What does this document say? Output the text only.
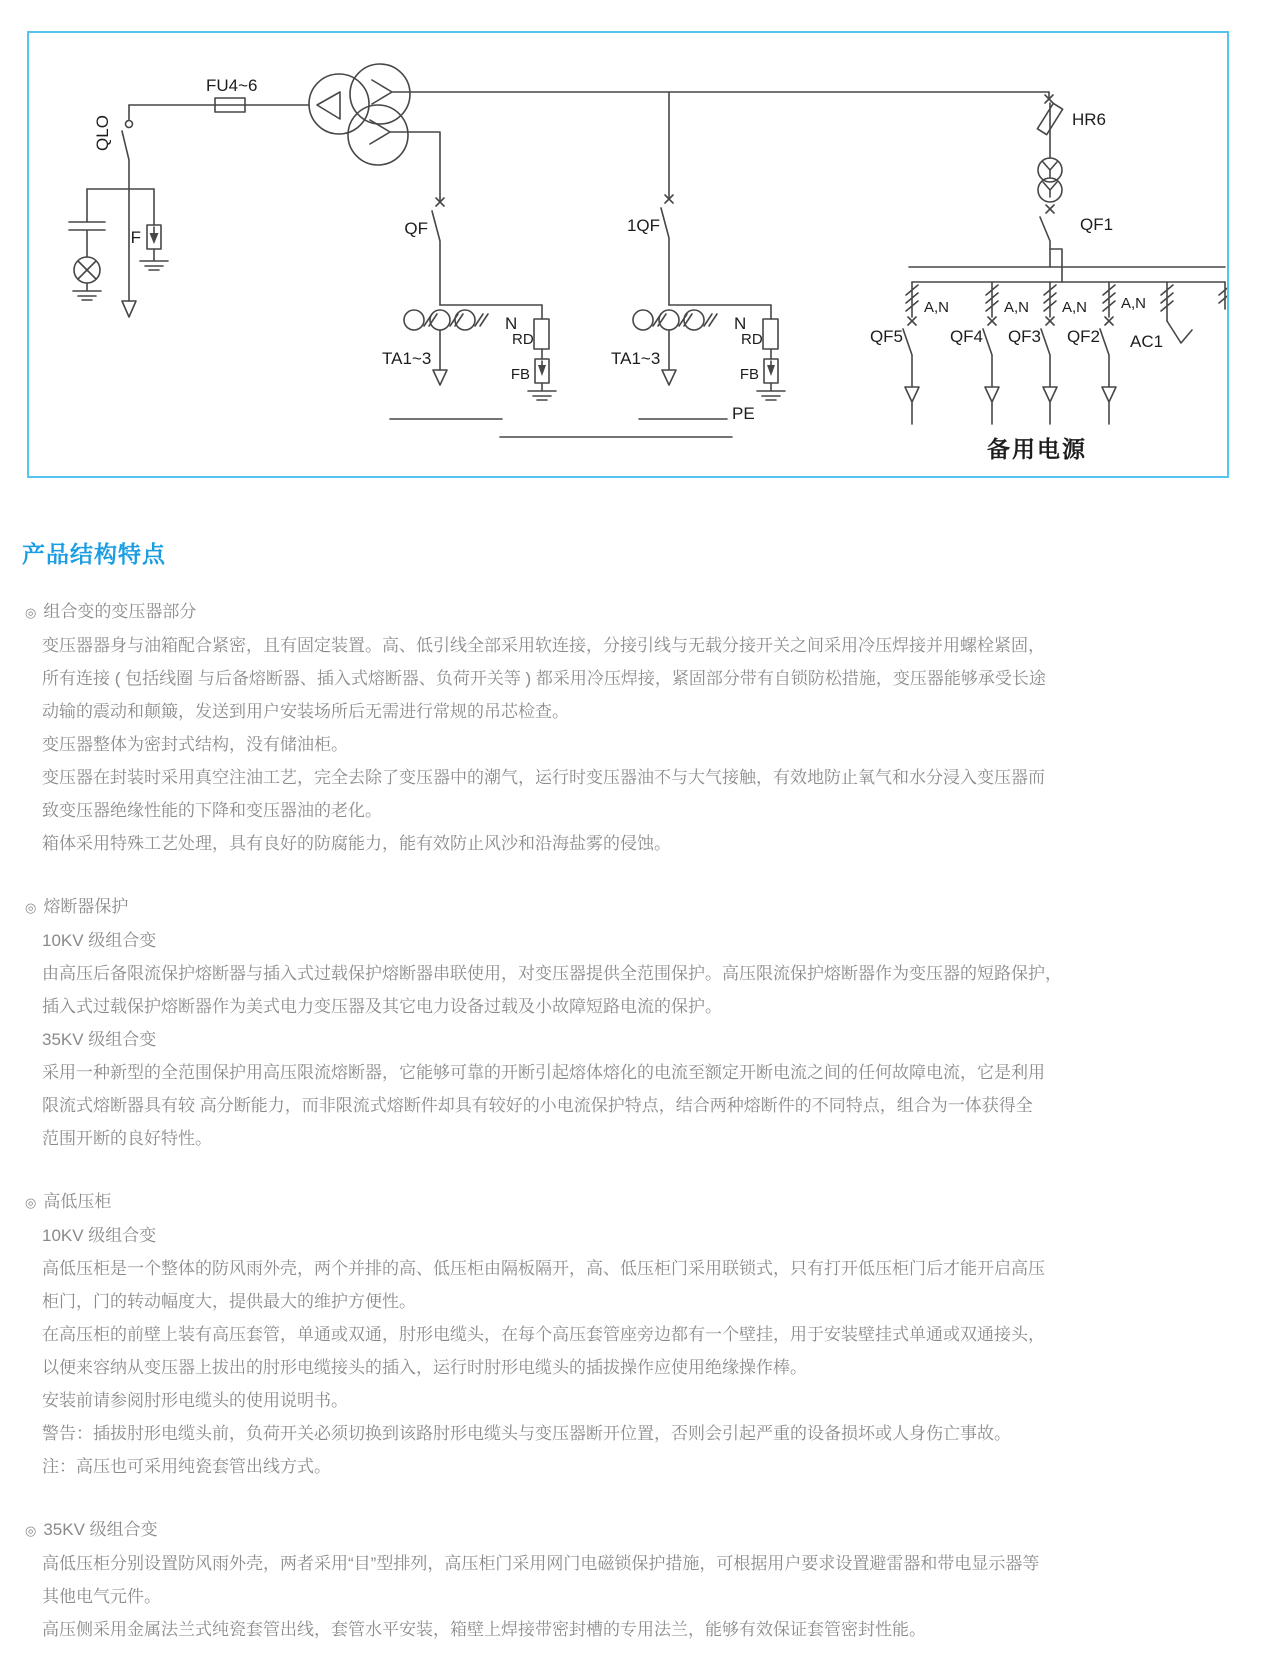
FU4~6
QLO
F	QF
TA1~3
N
RD
FB
1QF
TA1~3
N
RD
FB
PE
HR6
QF1
A,N	A,N A,N A,N
QF5	QF4 QF3 QF2 AC1
备用电源
产品结构特点
◎ 组合变的变压器部分
变压器器身与油箱配合紧密，且有固定装置。高、低引线全部采用软连接，分接引线与无载分接开关之间采用冷压焊接并用螺栓紧固，
所有连接 ( 包括线圈 与后备熔断器、插入式熔断器、负荷开关等 ) 都采用冷压焊接，紧固部分带有自锁防松措施，变压器能够承受长途
动输的震动和颠簸，发送到用户安装场所后无需进行常规的吊芯检查。
变压器整体为密封式结构，没有储油柜。
变压器在封装时采用真空注油工艺，完全去除了变压器中的潮气，运行时变压器油不与大气接触，有效地防止氧气和水分浸入变压器而
致变压器绝缘性能的下降和变压器油的老化。
箱体采用特殊工艺处理，具有良好的防腐能力，能有效防止风沙和沿海盐雾的侵蚀。
◎ 熔断器保护
10KV 级组合变
由高压后备限流保护熔断器与插入式过载保护熔断器串联使用，对变压器提供全范围保护。高压限流保护熔断器作为变压器的短路保护，
插入式过载保护熔断器作为美式电力变压器及其它电力设备过载及小故障短路电流的保护。
35KV 级组合变
采用一种新型的全范围保护用高压限流熔断器，它能够可靠的开断引起熔体熔化的电流至额定开断电流之间的任何故障电流，它是利用
限流式熔断器具有较 高分断能力，而非限流式熔断件却具有较好的小电流保护特点，结合两种熔断件的不同特点，组合为一体获得全
范围开断的良好特性。
◎ 高低压柜
10KV 级组合变
高低压柜是一个整体的防风雨外壳，两个并排的高、低压柜由隔板隔开，高、低压柜门采用联锁式，只有打开低压柜门后才能开启高压
柜门，门的转动幅度大，提供最大的维护方便性。
在高压柜的前壁上装有高压套管，单通或双通，肘形电缆头，在每个高压套管座旁边都有一个壁挂，用于安装壁挂式单通或双通接头，
以便来容纳从变压器上拔出的肘形电缆接头的插入，运行时肘形电缆头的插拔操作应使用绝缘操作棒。
安装前请参阅肘形电缆头的使用说明书。
警告：插拔肘形电缆头前，负荷开关必须切换到该路肘形电缆头与变压器断开位置，否则会引起严重的设备损坏或人身伤亡事故。
注：高压也可采用纯瓷套管出线方式。
◎ 35KV 级组合变
高低压柜分别设置防风雨外壳，两者采用“目”型排列，高压柜门采用网门电磁锁保护措施，可根据用户要求设置避雷器和带电显示器等
其他电气元件。
高压侧采用金属法兰式纯瓷套管出线，套管水平安装，箱壁上焊接带密封槽的专用法兰，能够有效保证套管密封性能。
